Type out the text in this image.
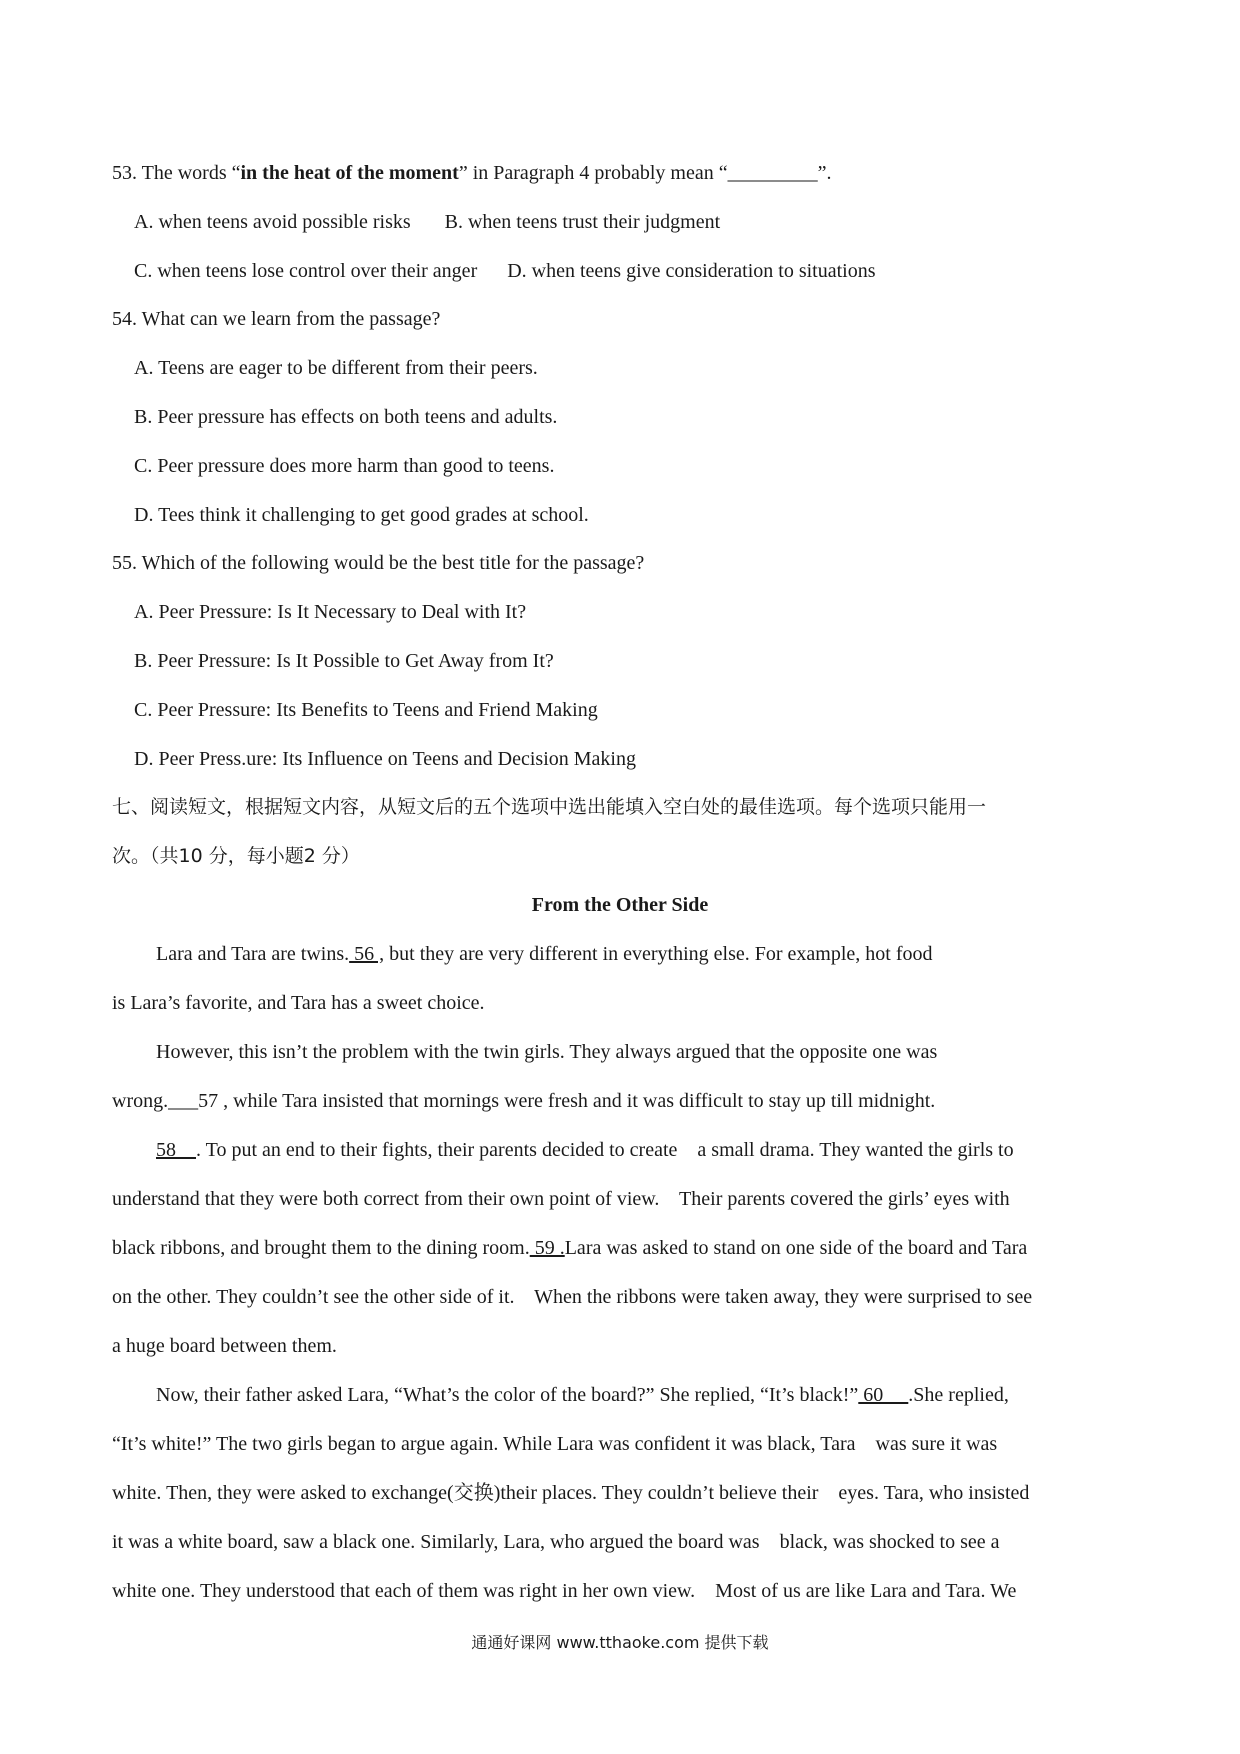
53. The words “in the heat of the moment” in Paragraph 4 probably mean “_________”.
A. when teens avoid possible risks B. when teens trust their judgment
C. when teens lose control over their anger D. when teens give consideration to situations
54. What can we learn from the passage?
A. Teens are eager to be different from their peers.
B. Peer pressure has effects on both teens and adults.
C. Peer pressure does more harm than good to teens.
D. Tees think it challenging to get good grades at school.
55. Which of the following would be the best title for the passage?
A. Peer Pressure: Is It Necessary to Deal with It?
B. Peer Pressure: Is It Possible to Get Away from It?
C. Peer Pressure: Its Benefits to Teens and Friend Making
D. Peer Press.ure: Its Influence on Teens and Decision Making
七、阅读短文，根据短文内容，从短文后的五个选项中选出能填入空白处的最佳选项。每个选项只能用一
次。（共10 分，每小题2 分）
From the Other Side
Lara and Tara are twins. 56 , but they are very different in everything else. For example, hot food
is Lara’s favorite, and Tara has a sweet choice.
However, this isn’t the problem with the twin girls. They always argued that the opposite one was
wrong.___57 , while Tara insisted that mornings were fresh and it was difficult to stay up till midnight.
58    . To put an end to their fights, their parents decided to create    a small drama. They wanted the girls to
understand that they were both correct from their own point of view.    Their parents covered the girls’ eyes with
black ribbons, and brought them to the dining room. 59 .Lara was asked to stand on one side of the board and Tara
on the other. They couldn’t see the other side of it.    When the ribbons were taken away, they were surprised to see
a huge board between them.
Now, their father asked Lara, “What’s the color of the board?” She replied, “It’s black!” 60     .She replied,
“It’s white!” The two girls began to argue again. While Lara was confident it was black, Tara    was sure it was
white. Then, they were asked to exchange(交换)their places. They couldn’t believe their    eyes. Tara, who insisted
it was a white board, saw a black one. Similarly, Lara, who argued the board was    black, was shocked to see a
white one. They understood that each of them was right in her own view.    Most of us are like Lara and Tara. We
通通好课网 www.tthaoke.com 提供下载
